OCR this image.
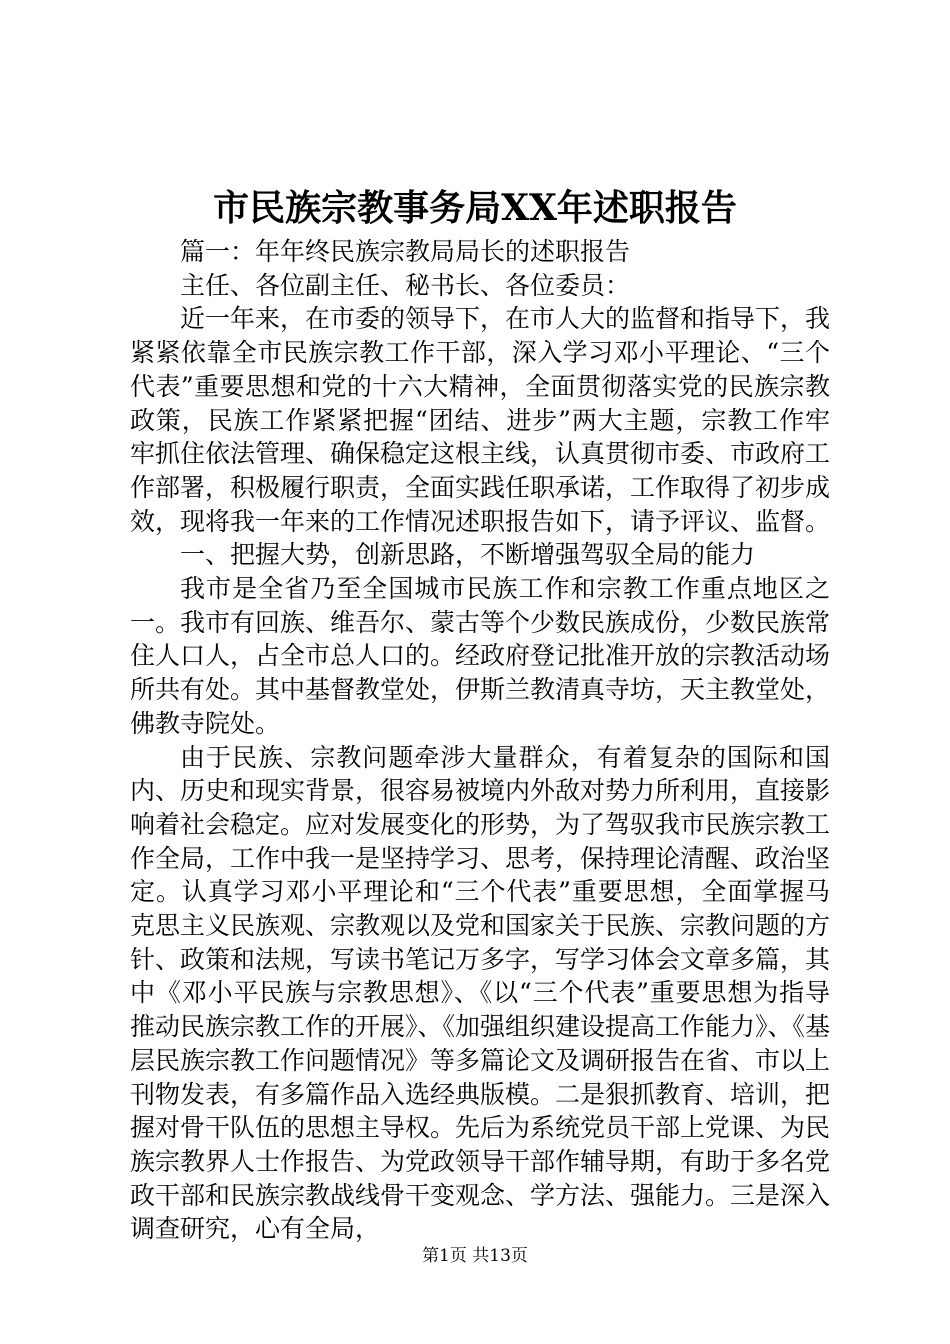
市民族宗教事务局XX年述职报告

篇一：年年终民族宗教局局长的述职报告

主任、各位副主任、秘书长、各位委员：

近一年来，在市委的领导下，在市人大的监督和指导下，我紧紧依靠全市民族宗教工作干部，深入学习邓小平理论、“三个代表”重要思想和党的十六大精神，全面贯彻落实党的民族宗教政策，民族工作紧紧把握“团结、进步”两大主题，宗教工作牢牢抓住依法管理、确保稳定这根主线，认真贯彻市委、市政府工作部署，积极履行职责，全面实践任职承诺，工作取得了初步成效，现将我一年来的工作情况述职报告如下，请予评议、监督。

一、把握大势，创新思路，不断增强驾驭全局的能力

我市是全省乃至全国城市民族工作和宗教工作重点地区之一。我市有回族、维吾尔、蒙古等个少数民族成份，少数民族常住人口人，占全市总人口的。经政府登记批准开放的宗教活动场所共有处。其中基督教堂处，伊斯兰教清真寺坊，天主教堂处，佛教寺院处。

由于民族、宗教问题牵涉大量群众，有着复杂的国际和国内、历史和现实背景，很容易被境内外敌对势力所利用，直接影响着社会稳定。应对发展变化的形势，为了驾驭我市民族宗教工作全局，工作中我一是坚持学习、思考，保持理论清醒、政治坚定。认真学习邓小平理论和“三个代表”重要思想，全面掌握马克思主义民族观、宗教观以及党和国家关于民族、宗教问题的方针、政策和法规，写读书笔记万多字，写学习体会文章多篇，其中《邓小平民族与宗教思想》、《以“三个代表”重要思想为指导推动民族宗教工作的开展》、《加强组织建设提高工作能力》、《基层民族宗教工作问题情况》等多篇论文及调研报告在省、市以上刊物发表，有多篇作品入选经典版模。二是狠抓教育、培训，把握对骨干队伍的思想主导权。先后为系统党员干部上党课、为民族宗教界人士作报告、为党政领导干部作辅导期，有助于多名党政干部和民族宗教战线骨干变观念、学方法、强能力。三是深入调查研究，心有全局，

第1页 共13页
